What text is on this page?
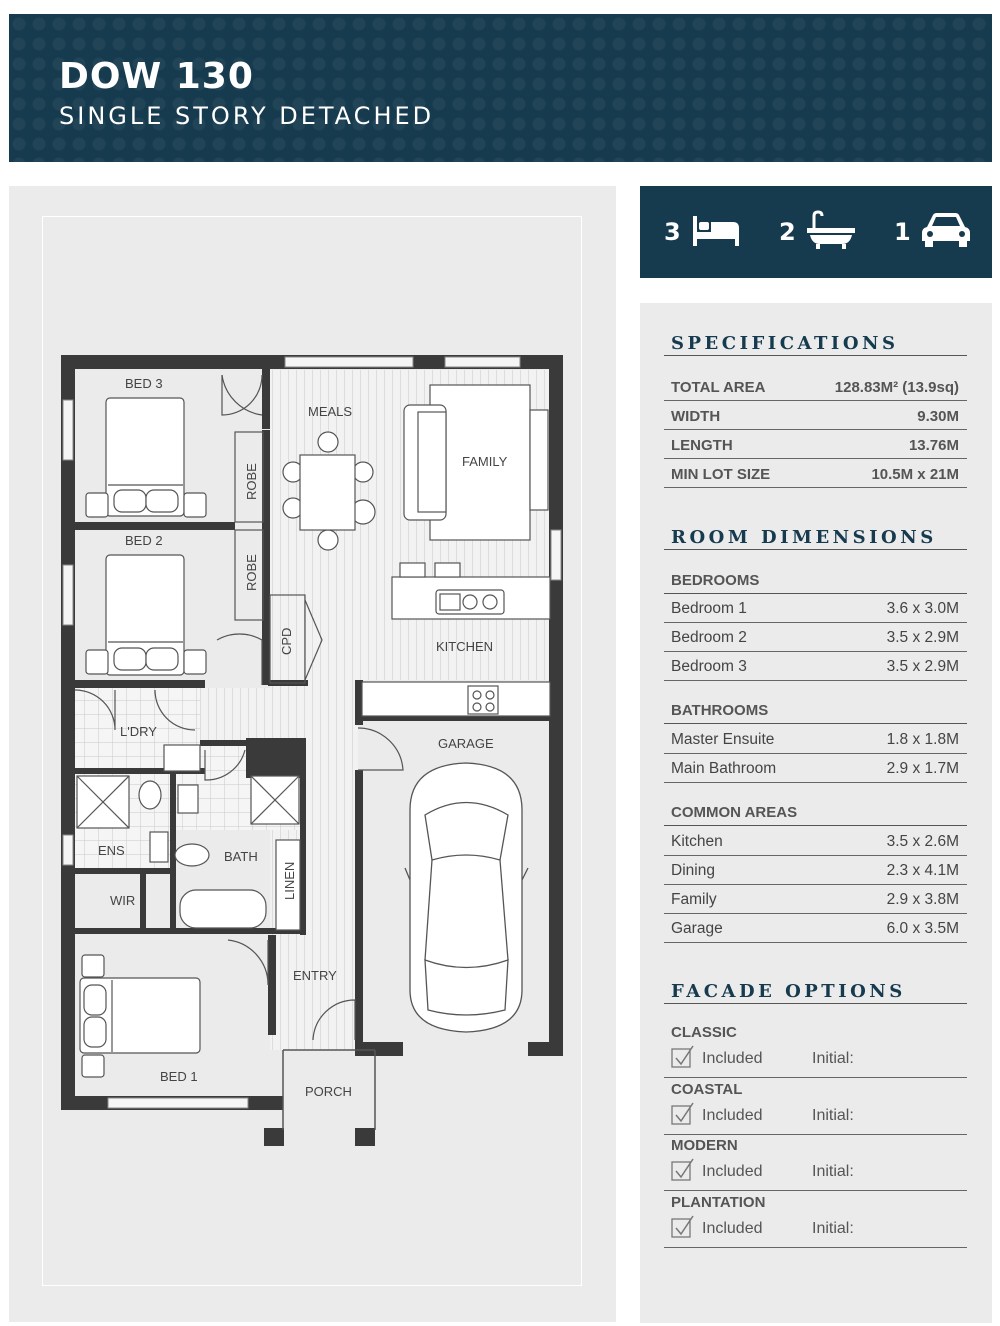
DOW 130
SINGLE STORY DETACHED
BED 3
BED 2
BED 1
MEALS
FAMILY
KITCHEN
L'DRY
ENS	BATH
WIR
GARAGE
ENTRY
PORCH
ROBE
ROBE
CPD
LINEN
3	2	1
SPECIFICATIONS
TOTAL AREA	128.83M² (13.9sq)
WIDTH	9.30M
LENGTH	13.76M
MIN LOT SIZE	10.5M x 21M
ROOM DIMENSIONS
BEDROOMS
Bedroom 1	3.6 x 3.0M
Bedroom 2	3.5 x 2.9M
Bedroom 3	3.5 x 2.9M
BATHROOMS
Master Ensuite	1.8 x 1.8M
Main Bathroom	2.9 x 1.7M
COMMON AREAS
Kitchen	3.5 x 2.6M
Dining	2.3 x 4.1M
Family	2.9 x 3.8M
Garage	6.0 x 3.5M
FACADE OPTIONS
CLASSIC
Included	Initial:
COASTAL
Included	Initial:
MODERN
Included	Initial:
PLANTATION
Included	Initial:
